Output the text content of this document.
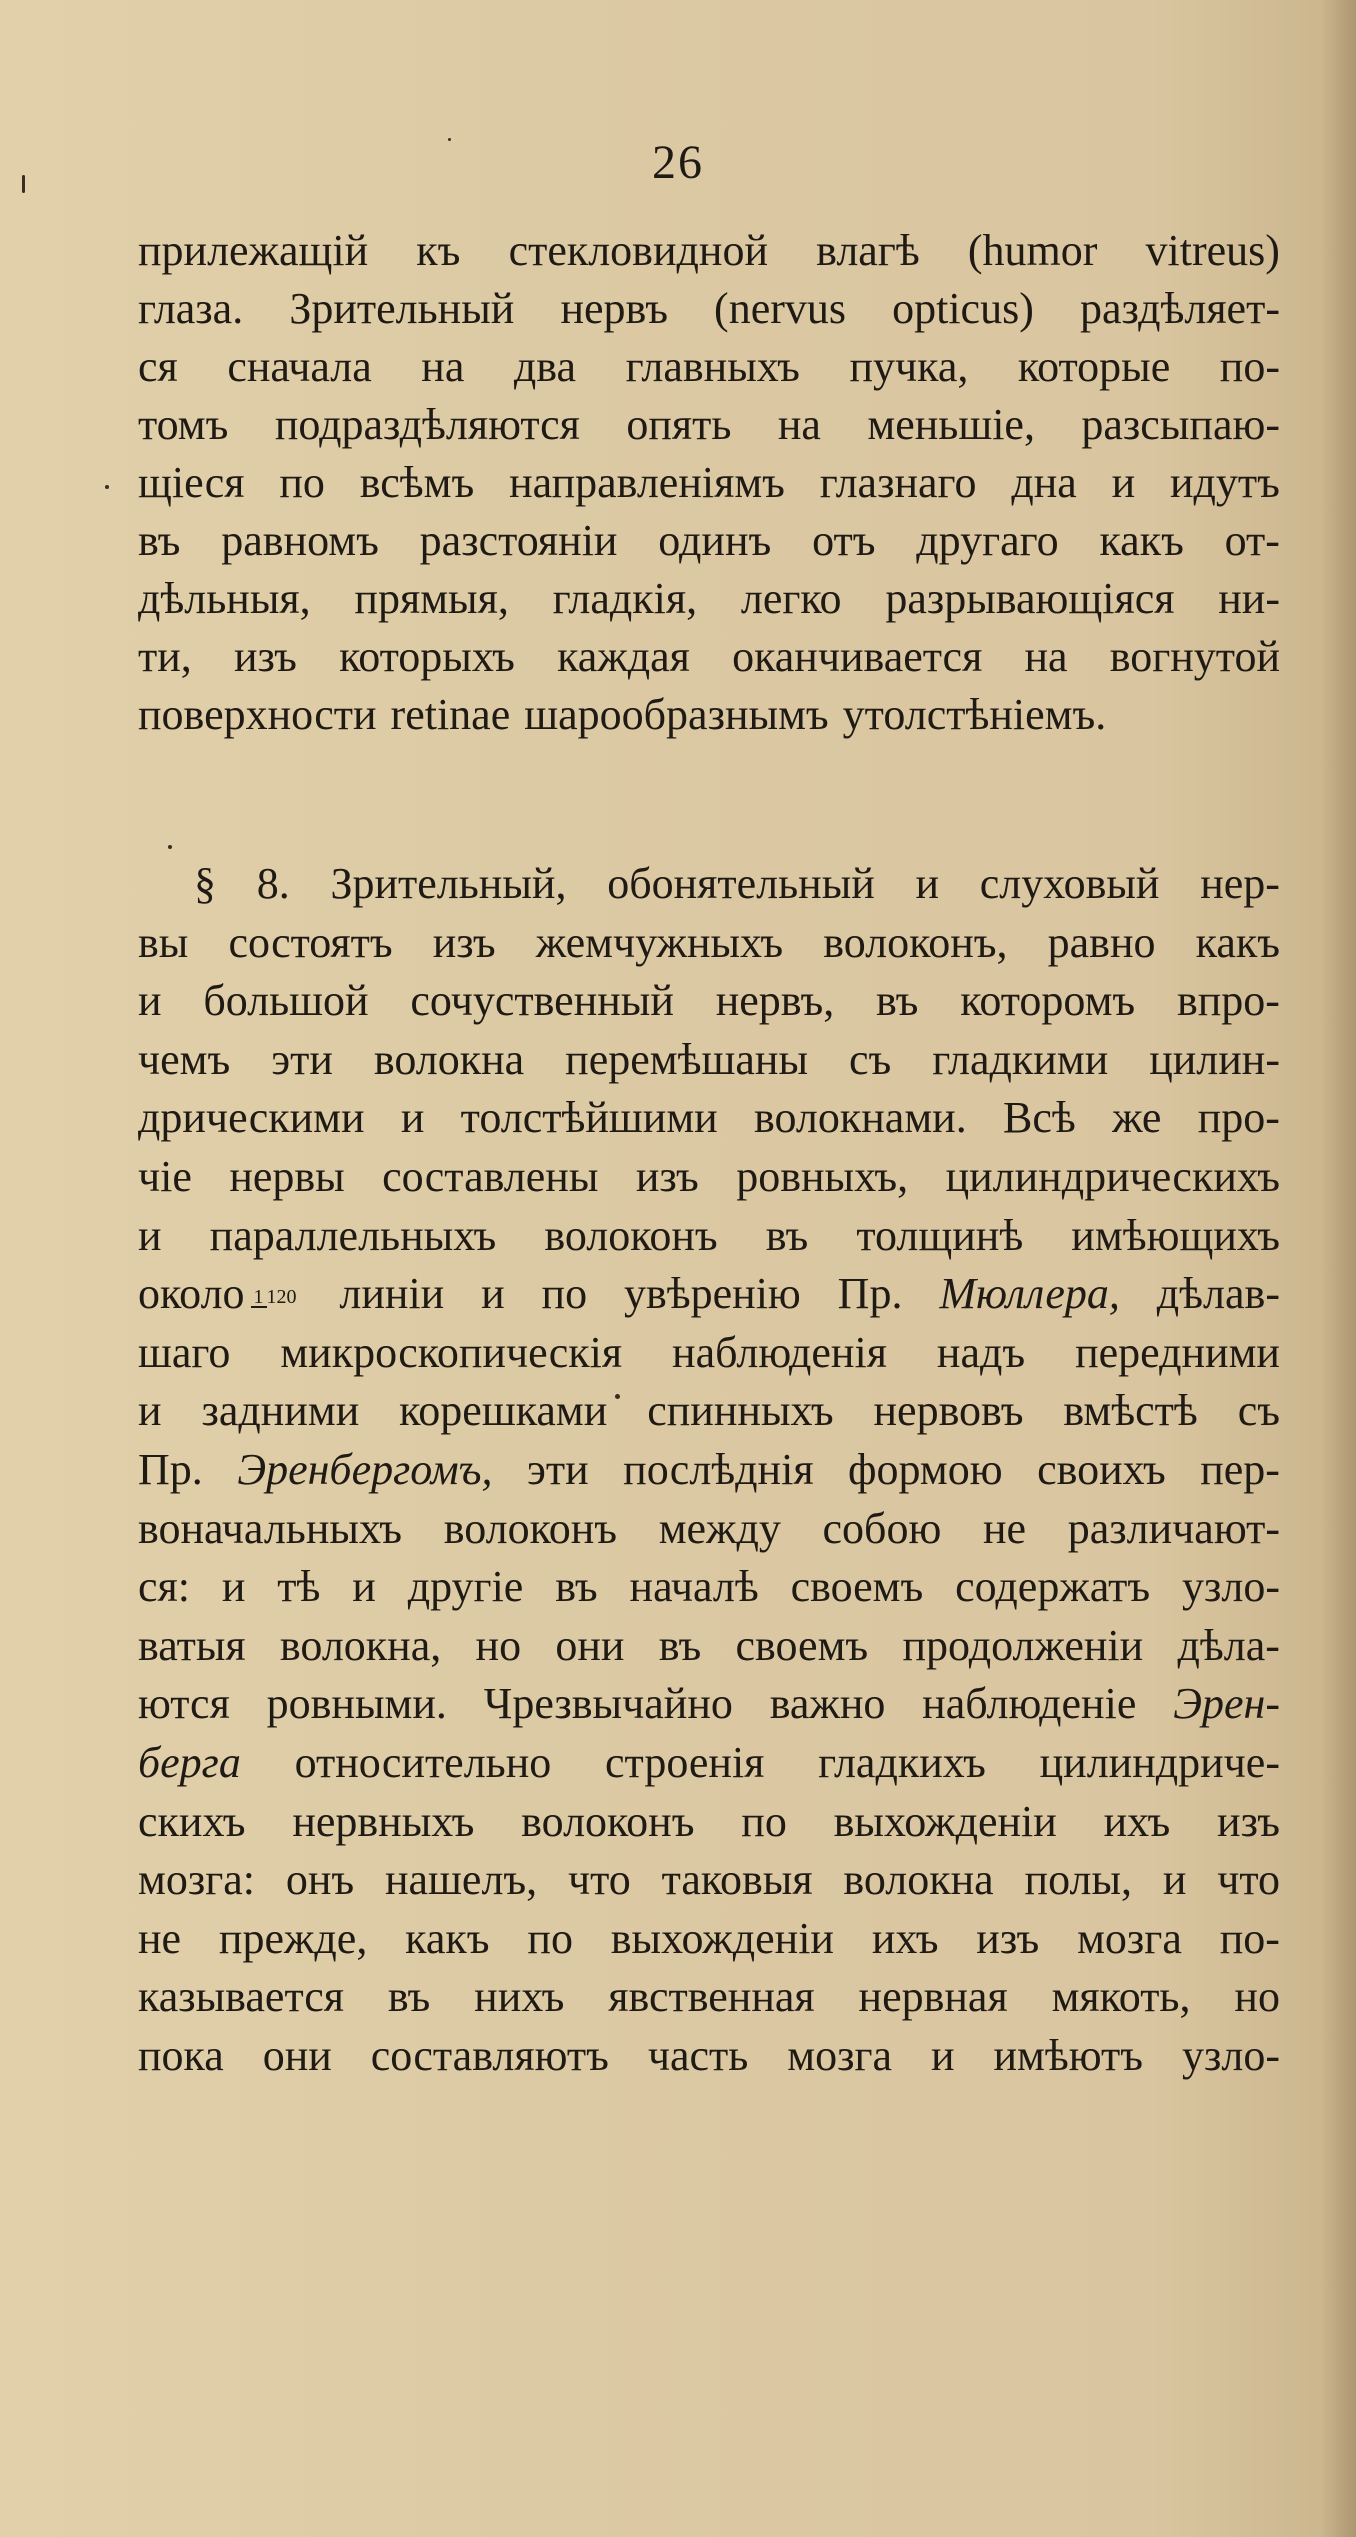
26
прилежащій къ стекловидной влагѣ (humor vitreus)
глаза. Зрительный нервъ (nervus opticus) раздѣляет-
ся сначала на два главныхъ пучка, которые по-
томъ подраздѣляются опять на меньшіе, разсыпаю-
щіеся по всѣмъ направленіямъ глазнаго дна и идутъ
въ равномъ разстояніи одинъ отъ другаго какъ от-
дѣльныя, прямыя, гладкія, легко разрывающіяся ни-
ти, изъ которыхъ каждая оканчивается на вогнутой
поверхности retinae шарообразнымъ утолстѣніемъ.
§ 8. Зрительный, обонятельный и слуховый нер-
вы состоятъ изъ жемчужныхъ волоконъ, равно какъ
и большой сочуственный нервъ, въ которомъ впро-
чемъ эти волокна перемѣшаны съ гладкими цилин-
дрическими и толстѣйшими волокнами. Всѣ же про-
чіе нервы составлены изъ ровныхъ, цилиндрическихъ
и параллельныхъ волоконъ въ толщинѣ имѣющихъ
около 1 120 линіи и по увѣренію Пр. Мюллера, дѣлав-
шаго микроскопическія наблюденія надъ передними
и задними корешками спинныхъ нервовъ вмѣстѣ съ
Пр. Эренбергомъ, эти послѣднія формою своихъ пер-
воначальныхъ волоконъ между собою не различают-
ся: и тѣ и другіе въ началѣ своемъ содержатъ узло-
ватыя волокна, но они въ своемъ продолженіи дѣла-
ются ровными. Чрезвычайно важно наблюденіе Эрен-
берга относительно строенія гладкихъ цилиндриче-
скихъ нервныхъ волоконъ по выхожденіи ихъ изъ
мозга: онъ нашелъ, что таковыя волокна полы, и что
не прежде, какъ по выхожденіи ихъ изъ мозга по-
казывается въ нихъ явственная нервная мякоть, но
пока они составляютъ часть мозга и имѣютъ узло-
